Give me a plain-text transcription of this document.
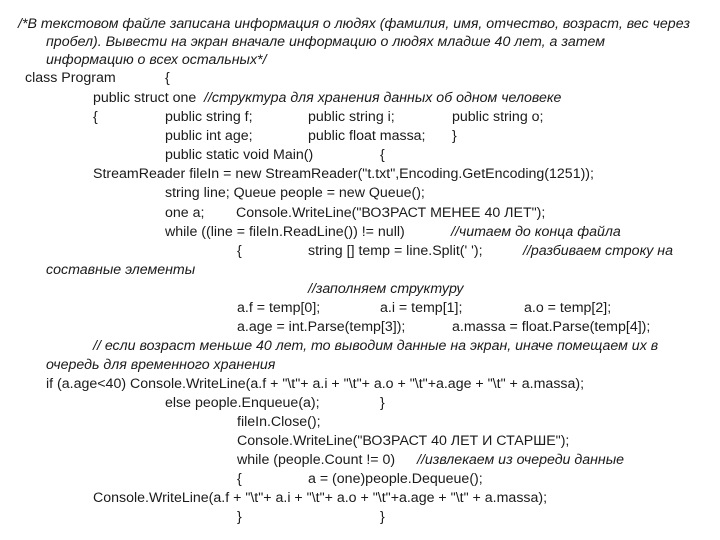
/*В текстовом файле записана информация о людях (фамилия, имя, отчество, возраст, вес через
пробел). Вывести на экран вначале информацию о людях младше 40 лет, а затем
информацию о всех остальных*/
class Program	{
public struct one //структура для хранения данных об одном человеке
{	public string f;	public string i;	public string o;
public int age;	public float massa; }
public static void Main()	{
StreamReader fileIn = new StreamReader("t.txt",Encoding.GetEncoding(1251));
string line; Queue people = new Queue();
one a; Console.WriteLine("ВОЗРАСТ МЕНЕЕ 40 ЛЕТ");
while ((line = fileIn.ReadLine()) != null)	//читаем до конца файла
{	string [] temp = line.Split(' ');	//разбиваем строку на
составные элементы
//заполняем структуру
a.f = temp[0];	a.i = temp[1];	a.o = temp[2];
a.age = int.Parse(temp[3]);	a.massa = float.Parse(temp[4]);
// если возраст меньше 40 лет, то выводим данные на экран, иначе помещаем их в
очередь для временного хранения
if (a.age<40) Console.WriteLine(a.f + "\t"+ a.i + "\t"+ a.o + "\t"+a.age + "\t" + a.massa);
else people.Enqueue(a);	}
fileIn.Close();
Console.WriteLine("ВОЗРАСТ 40 ЛЕТ И СТАРШЕ");
while (people.Count != 0) //извлекаем из очереди данные
{	a = (one)people.Dequeue();
Console.WriteLine(a.f + "\t"+ a.i + "\t"+ a.o + "\t"+a.age + "\t" + a.massa);
}	}
